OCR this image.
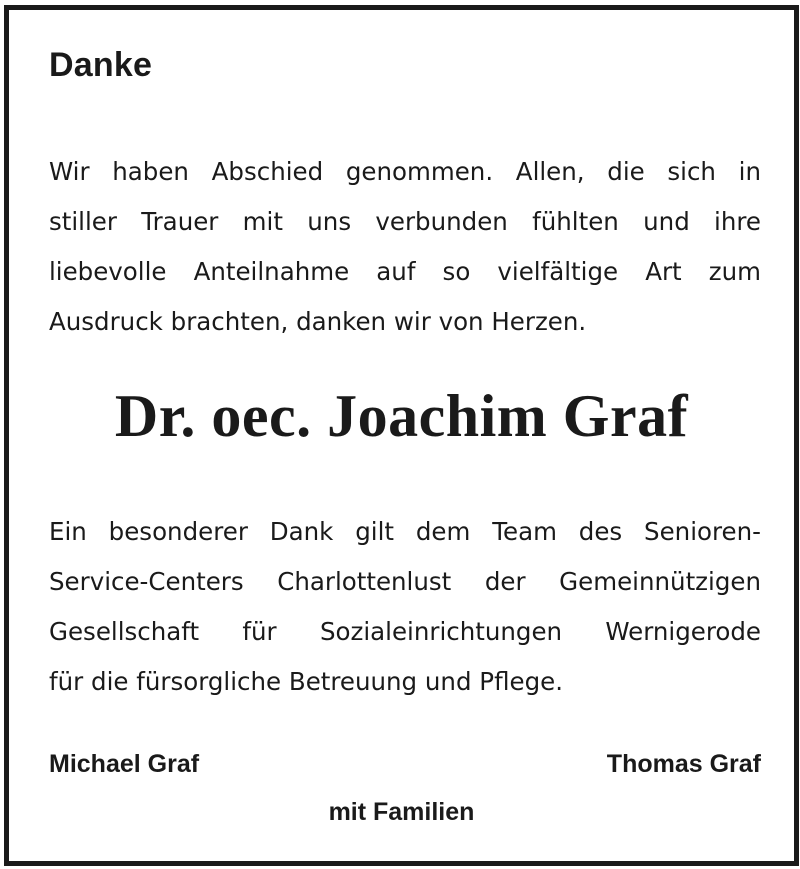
Danke
Wir haben Abschied genommen. Allen, die sich in
stiller Trauer mit uns verbunden fühlten und ihre
liebevolle Anteilnahme auf so vielfältige Art zum
Ausdruck brachten, danken wir von Herzen.
Dr. oec. Joachim Graf
Ein besonderer Dank gilt dem Team des Senioren-
Service-Centers Charlottenlust der Gemeinnützigen
Gesellschaft für Sozialeinrichtungen Wernigerode
für die fürsorgliche Betreuung und Pflege.
Michael Graf	Thomas Graf
mit Familien
